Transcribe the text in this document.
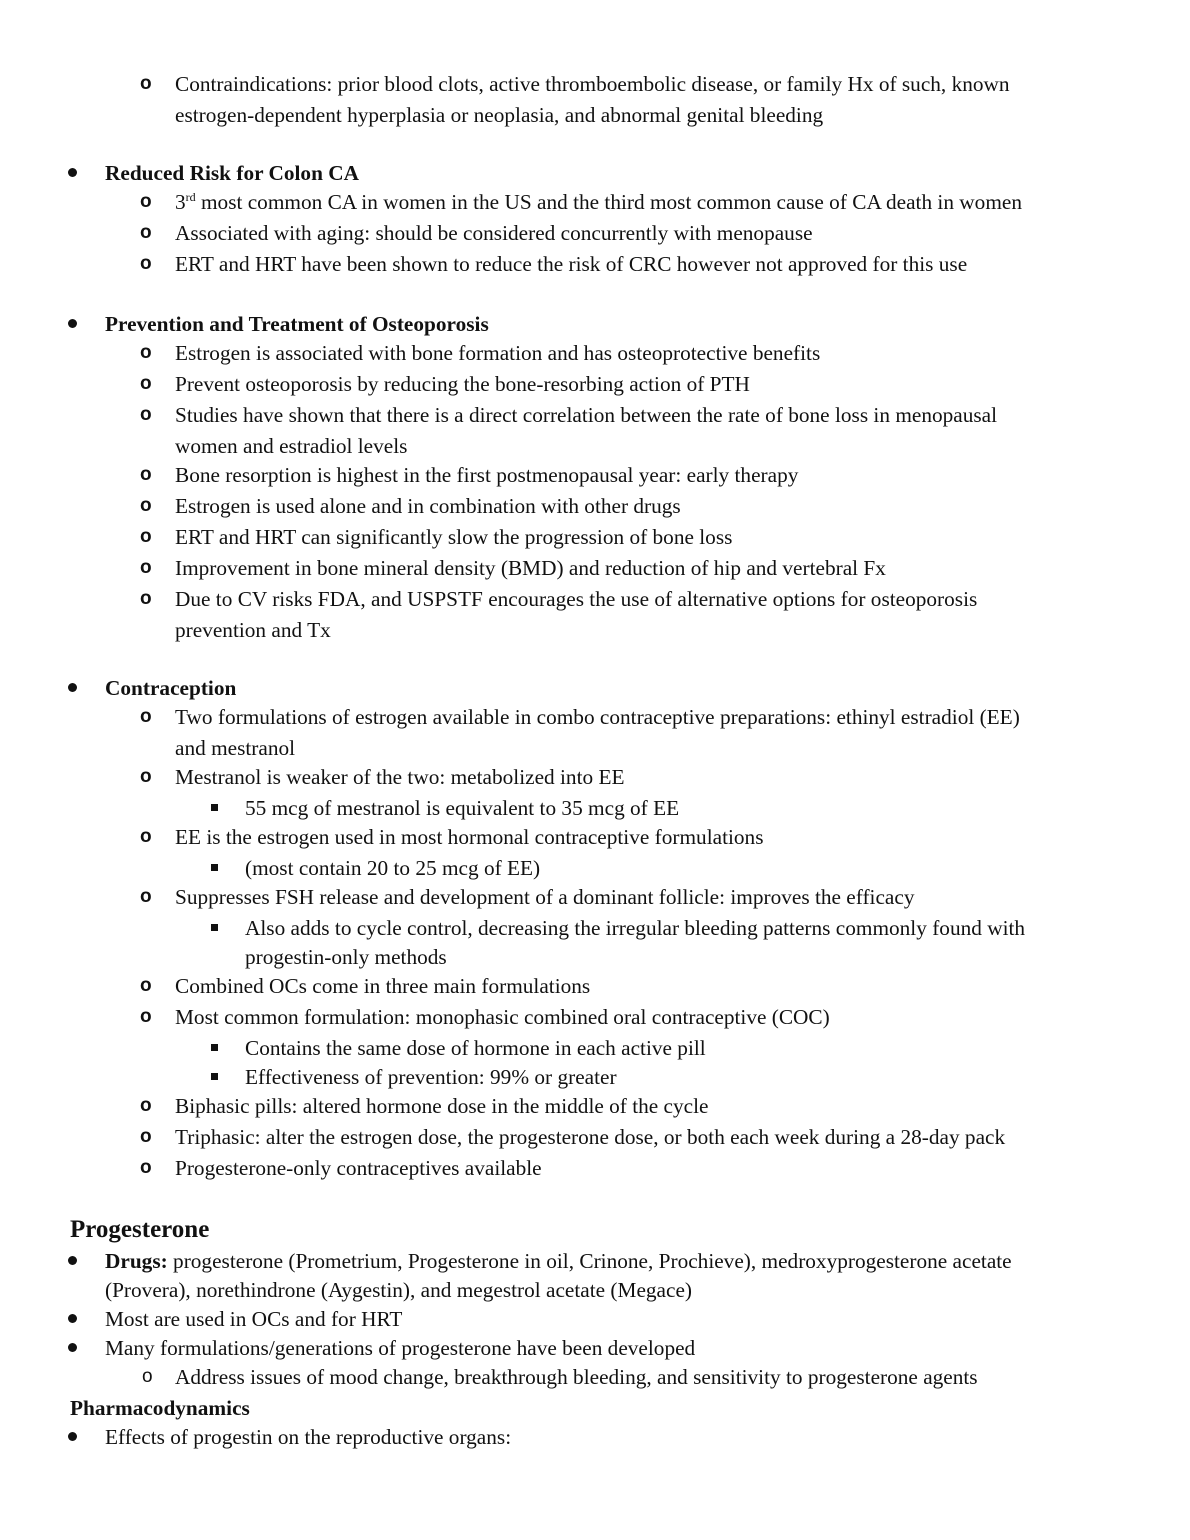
o Contraindications: prior blood clots, active thromboembolic disease, or family Hx of such, known
estrogen-dependent hyperplasia or neoplasia, and abnormal genital bleeding
Reduced Risk for Colon CA
o 3rd most common CA in women in the US and the third most common cause of CA death in women
o Associated with aging: should be considered concurrently with menopause
o ERT and HRT have been shown to reduce the risk of CRC however not approved for this use
Prevention and Treatment of Osteoporosis
o Estrogen is associated with bone formation and has osteoprotective benefits
o Prevent osteoporosis by reducing the bone-resorbing action of PTH
o Studies have shown that there is a direct correlation between the rate of bone loss in menopausal
women and estradiol levels
o Bone resorption is highest in the first postmenopausal year: early therapy
o Estrogen is used alone and in combination with other drugs
o ERT and HRT can significantly slow the progression of bone loss
o Improvement in bone mineral density (BMD) and reduction of hip and vertebral Fx
o Due to CV risks FDA, and USPSTF encourages the use of alternative options for osteoporosis
prevention and Tx
Contraception
o Two formulations of estrogen available in combo contraceptive preparations: ethinyl estradiol (EE)
and mestranol
o Mestranol is weaker of the two: metabolized into EE
55 mcg of mestranol is equivalent to 35 mcg of EE
o EE is the estrogen used in most hormonal contraceptive formulations
(most contain 20 to 25 mcg of EE)
o Suppresses FSH release and development of a dominant follicle: improves the efficacy
Also adds to cycle control, decreasing the irregular bleeding patterns commonly found with
progestin-only methods
o Combined OCs come in three main formulations
o Most common formulation: monophasic combined oral contraceptive (COC)
Contains the same dose of hormone in each active pill
Effectiveness of prevention: 99% or greater
o Biphasic pills: altered hormone dose in the middle of the cycle
o Triphasic: alter the estrogen dose, the progesterone dose, or both each week during a 28-day pack
o Progesterone-only contraceptives available
Progesterone
Drugs: progesterone (Prometrium, Progesterone in oil, Crinone, Prochieve), medroxyprogesterone acetate
(Provera), norethindrone (Aygestin), and megestrol acetate (Megace)
Most are used in OCs and for HRT
Many formulations/generations of progesterone have been developed
o Address issues of mood change, breakthrough bleeding, and sensitivity to progesterone agents
Pharmacodynamics
Effects of progestin on the reproductive organs:
